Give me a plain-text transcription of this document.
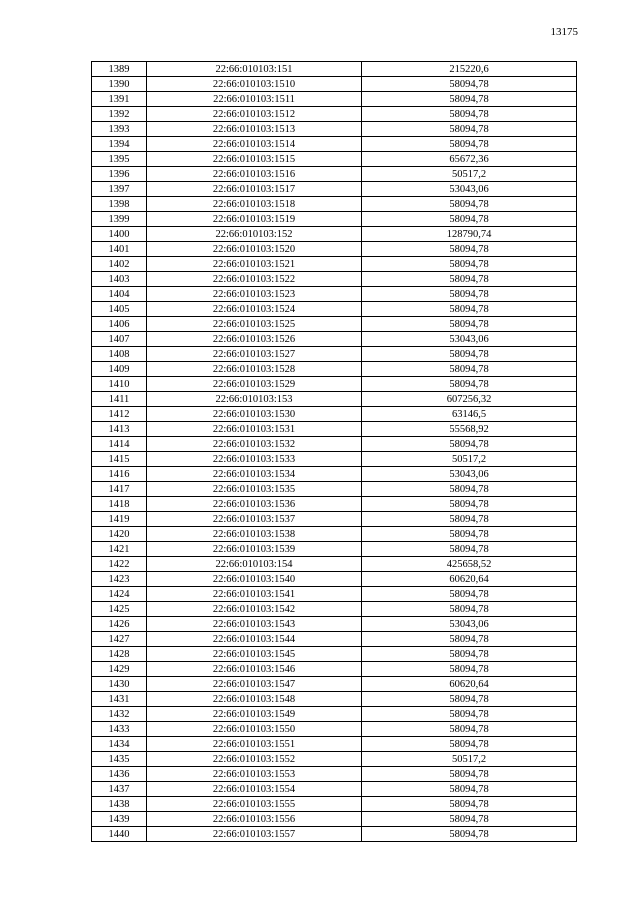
13175
1389	22:66:010103:151	215220,6
1390	22:66:010103:1510	58094,78
1391	22:66:010103:1511	58094,78
1392	22:66:010103:1512	58094,78
1393	22:66:010103:1513	58094,78
1394	22:66:010103:1514	58094,78
1395	22:66:010103:1515	65672,36
1396	22:66:010103:1516	50517,2
1397	22:66:010103:1517	53043,06
1398	22:66:010103:1518	58094,78
1399	22:66:010103:1519	58094,78
1400	22:66:010103:152	128790,74
1401	22:66:010103:1520	58094,78
1402	22:66:010103:1521	58094,78
1403	22:66:010103:1522	58094,78
1404	22:66:010103:1523	58094,78
1405	22:66:010103:1524	58094,78
1406	22:66:010103:1525	58094,78
1407	22:66:010103:1526	53043,06
1408	22:66:010103:1527	58094,78
1409	22:66:010103:1528	58094,78
1410	22:66:010103:1529	58094,78
1411	22:66:010103:153	607256,32
1412	22:66:010103:1530	63146,5
1413	22:66:010103:1531	55568,92
1414	22:66:010103:1532	58094,78
1415	22:66:010103:1533	50517,2
1416	22:66:010103:1534	53043,06
1417	22:66:010103:1535	58094,78
1418	22:66:010103:1536	58094,78
1419	22:66:010103:1537	58094,78
1420	22:66:010103:1538	58094,78
1421	22:66:010103:1539	58094,78
1422	22:66:010103:154	425658,52
1423	22:66:010103:1540	60620,64
1424	22:66:010103:1541	58094,78
1425	22:66:010103:1542	58094,78
1426	22:66:010103:1543	53043,06
1427	22:66:010103:1544	58094,78
1428	22:66:010103:1545	58094,78
1429	22:66:010103:1546	58094,78
1430	22:66:010103:1547	60620,64
1431	22:66:010103:1548	58094,78
1432	22:66:010103:1549	58094,78
1433	22:66:010103:1550	58094,78
1434	22:66:010103:1551	58094,78
1435	22:66:010103:1552	50517,2
1436	22:66:010103:1553	58094,78
1437	22:66:010103:1554	58094,78
1438	22:66:010103:1555	58094,78
1439	22:66:010103:1556	58094,78
1440	22:66:010103:1557	58094,78
